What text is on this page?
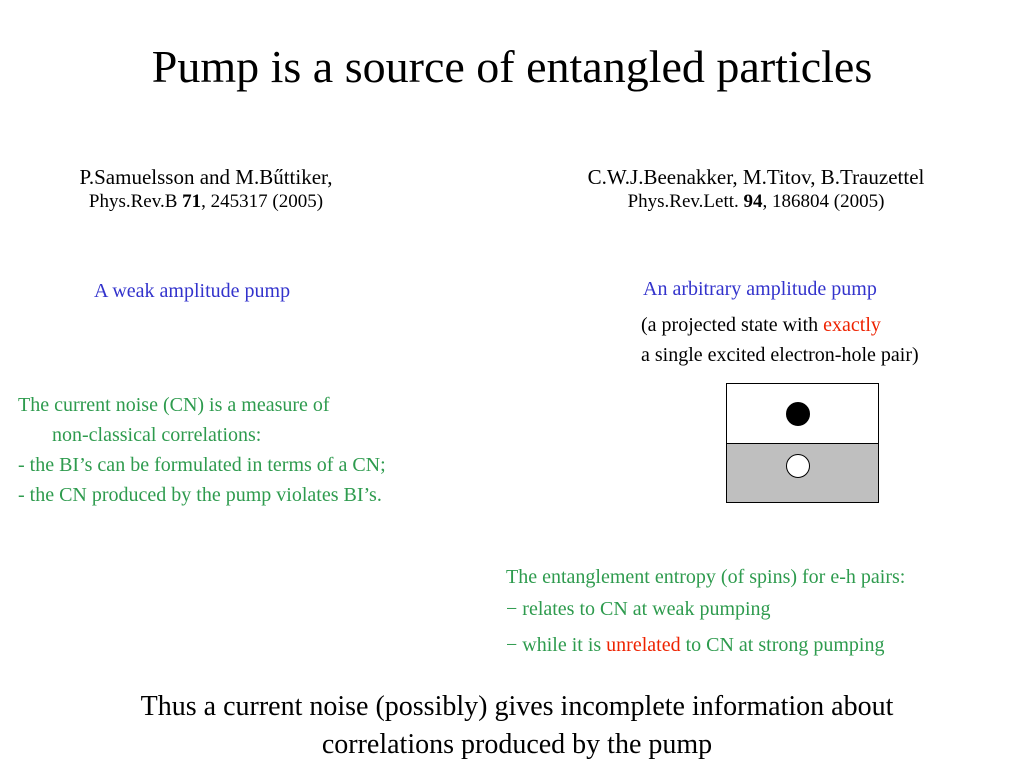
Pump is a source of entangled particles
P.Samuelsson and M.Bűttiker,
Phys.Rev.B 71, 245317 (2005)
C.W.J.Beenakker, M.Titov, B.Trauzettel
Phys.Rev.Lett. 94, 186804 (2005)
A weak amplitude pump	An arbitrary amplitude pump
(a projected state with exactly
a single excited electron-hole pair)
The current noise (CN) is a measure of
non-classical correlations:
- the BI’s can be formulated in terms of a CN;
- the CN produced by the pump violates BI’s.
The entanglement entropy (of spins) for e-h pairs:
− relates to CN at weak pumping
− while it is unrelated to CN at strong pumping
Thus a current noise (possibly) gives incomplete information about
correlations produced by the pump
